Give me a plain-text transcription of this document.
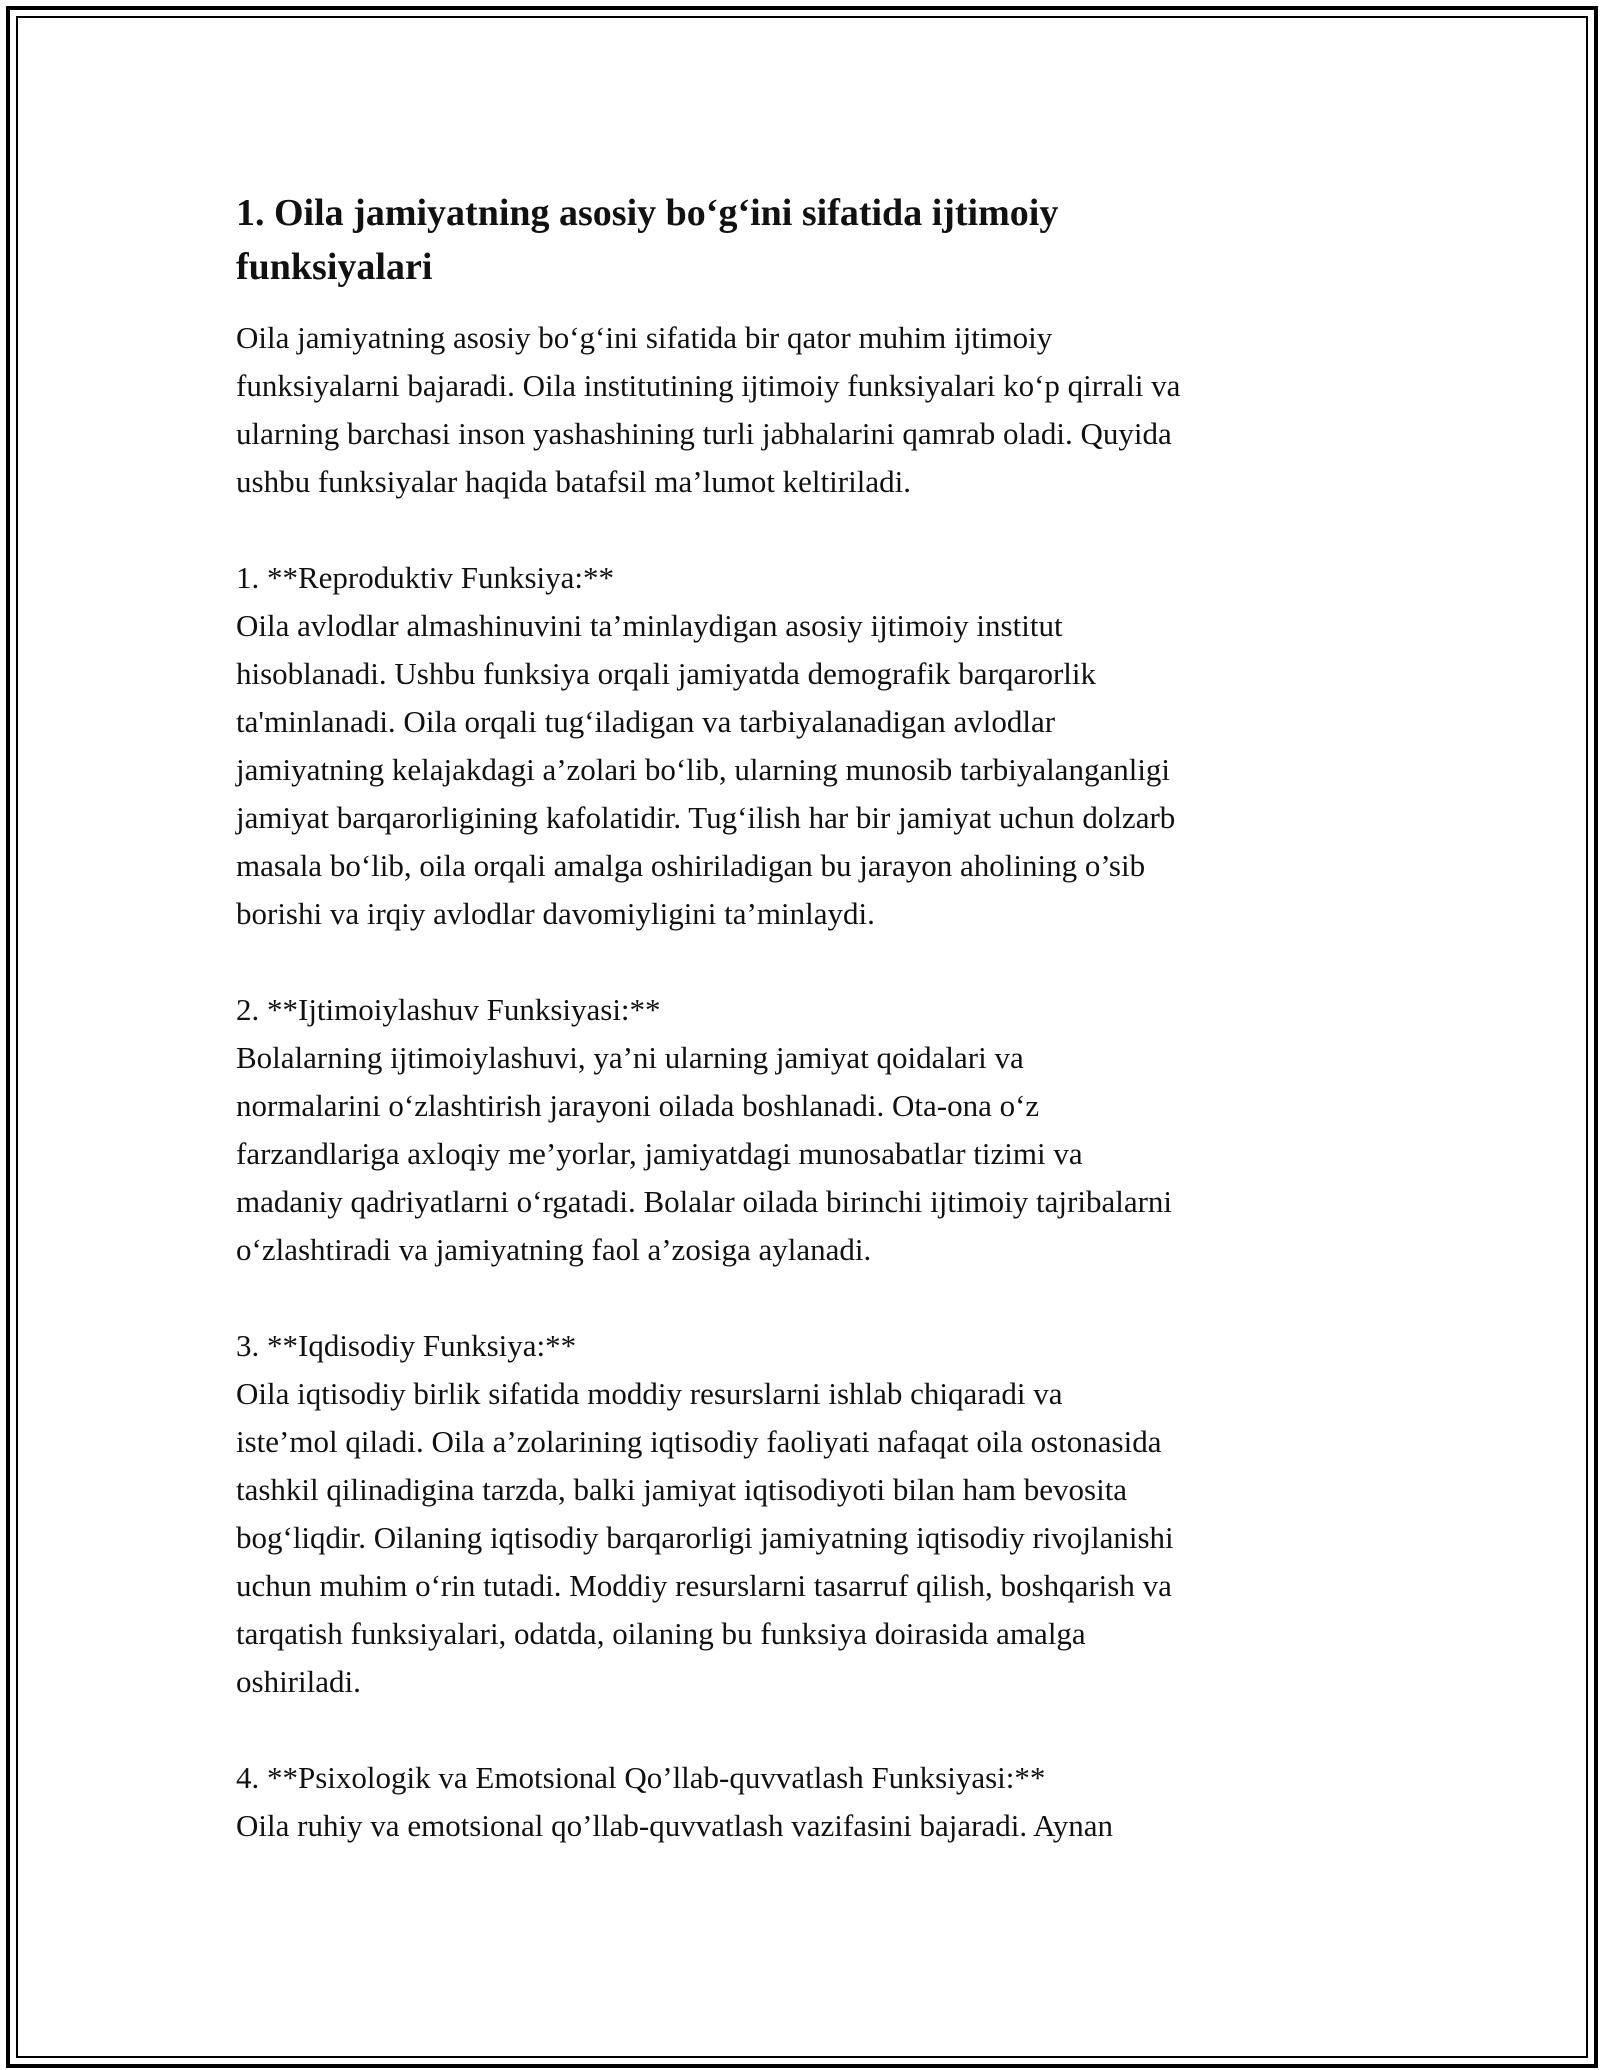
1. Oila jamiyatning asosiy bo‘g‘ini sifatida ijtimoiy
funksiyalari

Oila jamiyatning asosiy bo‘g‘ini sifatida bir qator muhim ijtimoiy
funksiyalarni bajaradi. Oila institutining ijtimoiy funksiyalari ko‘p qirrali va
ularning barchasi inson yashashining turli jabhalarini qamrab oladi. Quyida
ushbu funksiyalar haqida batafsil ma’lumot keltiriladi.

1. **Reproduktiv Funksiya:**

Oila avlodlar almashinuvini ta’minlaydigan asosiy ijtimoiy institut
hisoblanadi. Ushbu funksiya orqali jamiyatda demografik barqarorlik
ta'minlanadi. Oila orqali tug‘iladigan va tarbiyalanadigan avlodlar
jamiyatning kelajakdagi a’zolari bo‘lib, ularning munosib tarbiyalanganligi
jamiyat barqarorligining kafolatidir. Tug‘ilish har bir jamiyat uchun dolzarb
masala bo‘lib, oila orqali amalga oshiriladigan bu jarayon aholining o’sib
borishi va irqiy avlodlar davomiyligini ta’minlaydi.

2. **Ijtimoiylashuv Funksiyasi:**

Bolalarning ijtimoiylashuvi, ya’ni ularning jamiyat qoidalari va
normalarini o‘zlashtirish jarayoni oilada boshlanadi. Ota-ona o‘z
farzandlariga axloqiy me’yorlar, jamiyatdagi munosabatlar tizimi va
madaniy qadriyatlarni o‘rgatadi. Bolalar oilada birinchi ijtimoiy tajribalarni
o‘zlashtiradi va jamiyatning faol a’zosiga aylanadi.

3. **Iqdisodiy Funksiya:**

Oila iqtisodiy birlik sifatida moddiy resurslarni ishlab chiqaradi va
iste’mol qiladi. Oila a’zolarining iqtisodiy faoliyati nafaqat oila ostonasida
tashkil qilinadigina tarzda, balki jamiyat iqtisodiyoti bilan ham bevosita
bog‘liqdir. Oilaning iqtisodiy barqarorligi jamiyatning iqtisodiy rivojlanishi
uchun muhim o‘rin tutadi. Moddiy resurslarni tasarruf qilish, boshqarish va
tarqatish funksiyalari, odatda, oilaning bu funksiya doirasida amalga
oshiriladi.

4. **Psixologik va Emotsional Qo’llab-quvvatlash Funksiyasi:**

Oila ruhiy va emotsional qo’llab-quvvatlash vazifasini bajaradi. Aynan
